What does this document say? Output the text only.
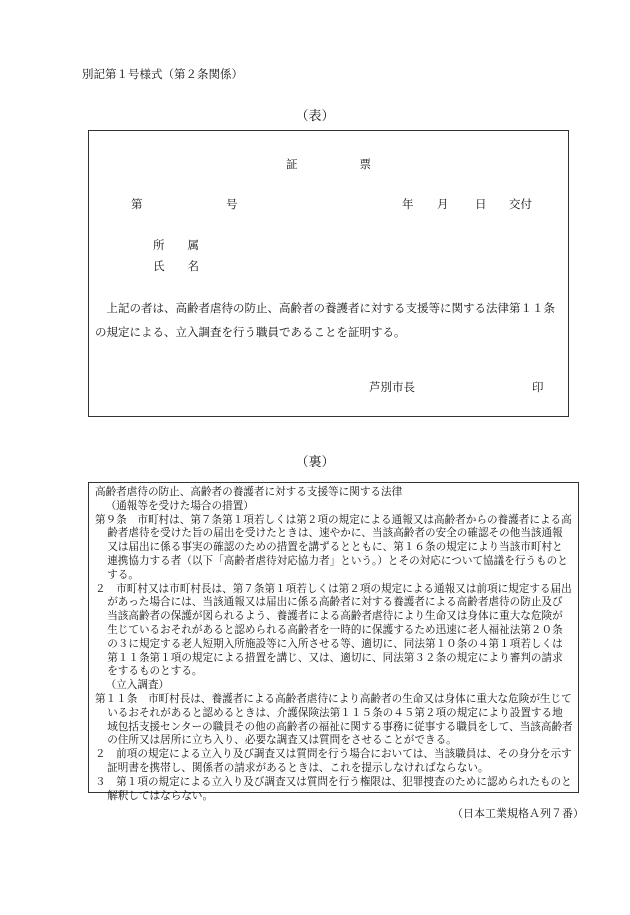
別記第１号様式（第２条関係）
（表）
証	票
第	号	年 月 日 交付
所　　属
氏　　名
上記の者は、高齢者虐待の防止、高齢者の養護者に対する支援等に関する法律第１１条の規定による、立入調査を行う職員であることを証明する。
芦別市長	印
（裏）
高齢者虐待の防止、高齢者の養護者に対する支援等に関する法律
（通報等を受けた場合の措置）
第９条　市町村は、第７条第１項若しくは第２項の規定による通報又は高齢者からの養護者による高齢者虐待を受けた旨の届出を受けたときは、速やかに、当該高齢者の安全の確認その他当該通報又は届出に係る事実の確認のための措置を講ずるとともに、第１６条の規定により当該市町村と連携協力する者（以下「高齢者虐待対応協力者」という。）とその対応について協議を行うものとする。
２　市町村又は市町村長は、第７条第１項若しくは第２項の規定による通報又は前項に規定する届出があった場合には、当該通報又は届出に係る高齢者に対する養護者による高齢者虐待の防止及び当該高齢者の保護が図られるよう、養護者による高齢者虐待により生命又は身体に重大な危険が生じているおそれがあると認められる高齢者を一時的に保護するため迅速に老人福祉法第２０条の３に規定する老人短期入所施設等に入所させる等、適切に、同法第１０条の４第１項若しくは第１１条第１項の規定による措置を講じ、又は、適切に、同法第３２条の規定により審判の請求をするものとする。
（立入調査）
第１１条　市町村長は、養護者による高齢者虐待により高齢者の生命又は身体に重大な危険が生じているおそれがあると認めるときは、介護保険法第１１５条の４５第２項の規定により設置する地域包括支援センターの職員その他の高齢者の福祉に関する事務に従事する職員をして、当該高齢者の住所又は居所に立ち入り、必要な調査又は質問をさせることができる。
２　前項の規定による立入り及び調査又は質問を行う場合においては、当該職員は、その身分を示す証明書を携帯し、関係者の請求があるときは、これを提示しなければならない。
３　第１項の規定による立入り及び調査又は質問を行う権限は、犯罪捜査のために認められたものと解釈してはならない。
（日本工業規格Ａ列７番）
